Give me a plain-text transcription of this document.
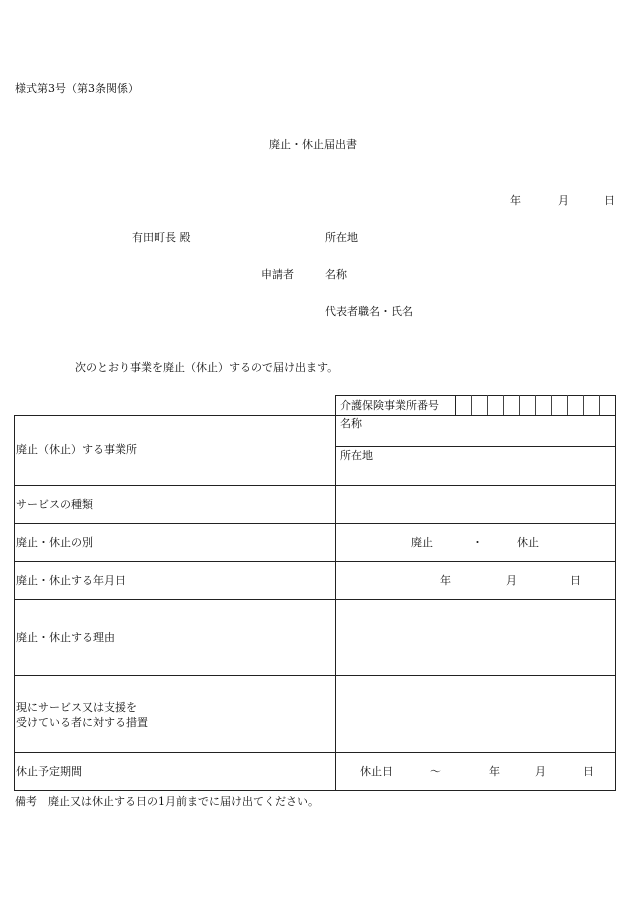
様式第3号（第3条関係）
廃止・休止届出書
年	月	日
有田町長 殿	所在地
申請者	名称
代表者職名・氏名
次のとおり事業を廃止（休止）するので届け出ます。
介護保険事業所番号
廃止（休止）する事業所
名称
所在地
サービスの種類
廃止・休止の別	廃止	・	休止
廃止・休止する年月日	年	月	日
廃止・休止する理由
現にサービス又は支援を
受けている者に対する措置
休止予定期間	休止日	～	年	月	日
備考　廃止又は休止する日の1月前までに届け出てください。
